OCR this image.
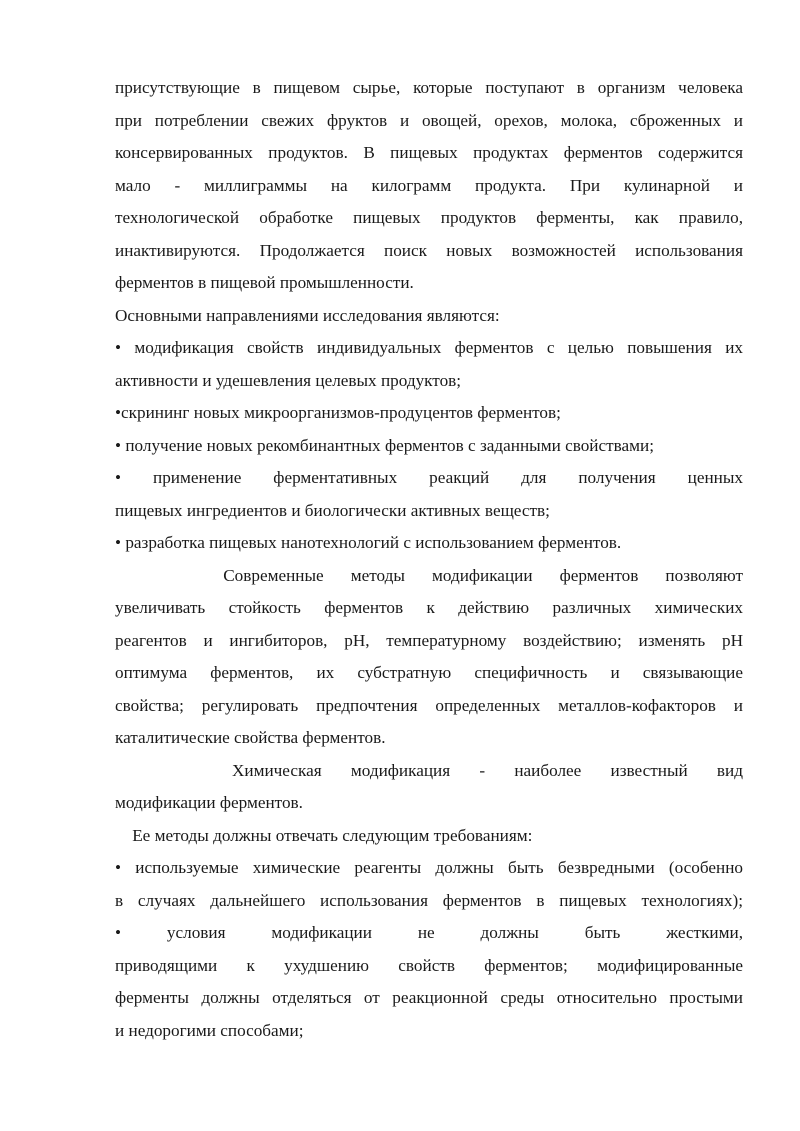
присутствующие в пищевом сырье, которые поступают в организм человека
при потреблении свежих фруктов и овощей, орехов, молока, сброженных и
консервированных продуктов. В пищевых продуктах ферментов содержится
мало - миллиграммы на килограмм продукта. При кулинарной и
технологической обработке пищевых продуктов ферменты, как правило,
инактивируются. Продолжается поиск новых возможностей использования
ферментов в пищевой промышленности.
Основными направлениями исследования являются:
• модификация свойств индивидуальных ферментов с целью повышения их
активности и удешевления целевых продуктов;
•скрининг новых микроорганизмов-продуцентов ферментов;
• получение новых рекомбинантных ферментов с заданными свойствами;
• применение ферментативных реакций для получения ценных
пищевых ингредиентов и биологически активных веществ;
• разработка пищевых нанотехнологий с использованием ферментов.
Современные методы модификации ферментов позволяют
увеличивать стойкость ферментов к действию различных химических
реагентов и ингибиторов, pH, температурному воздействию; изменять pH
оптимума ферментов, их субстратную специфичность и связывающие
свойства; регулировать предпочтения определенных металлов-кофакторов и
каталитические свойства ферментов.
Химическая модификация - наиболее известный вид
модификации ферментов.
Ее методы должны отвечать следующим требованиям:
• используемые химические реагенты должны быть безвредными (особенно
в случаях дальнейшего использования ферментов в пищевых технологиях);
• условия модификации не должны быть жесткими,
приводящими к ухудшению свойств ферментов; модифицированные
ферменты должны отделяться от реакционной среды относительно простыми
и недорогими способами;
